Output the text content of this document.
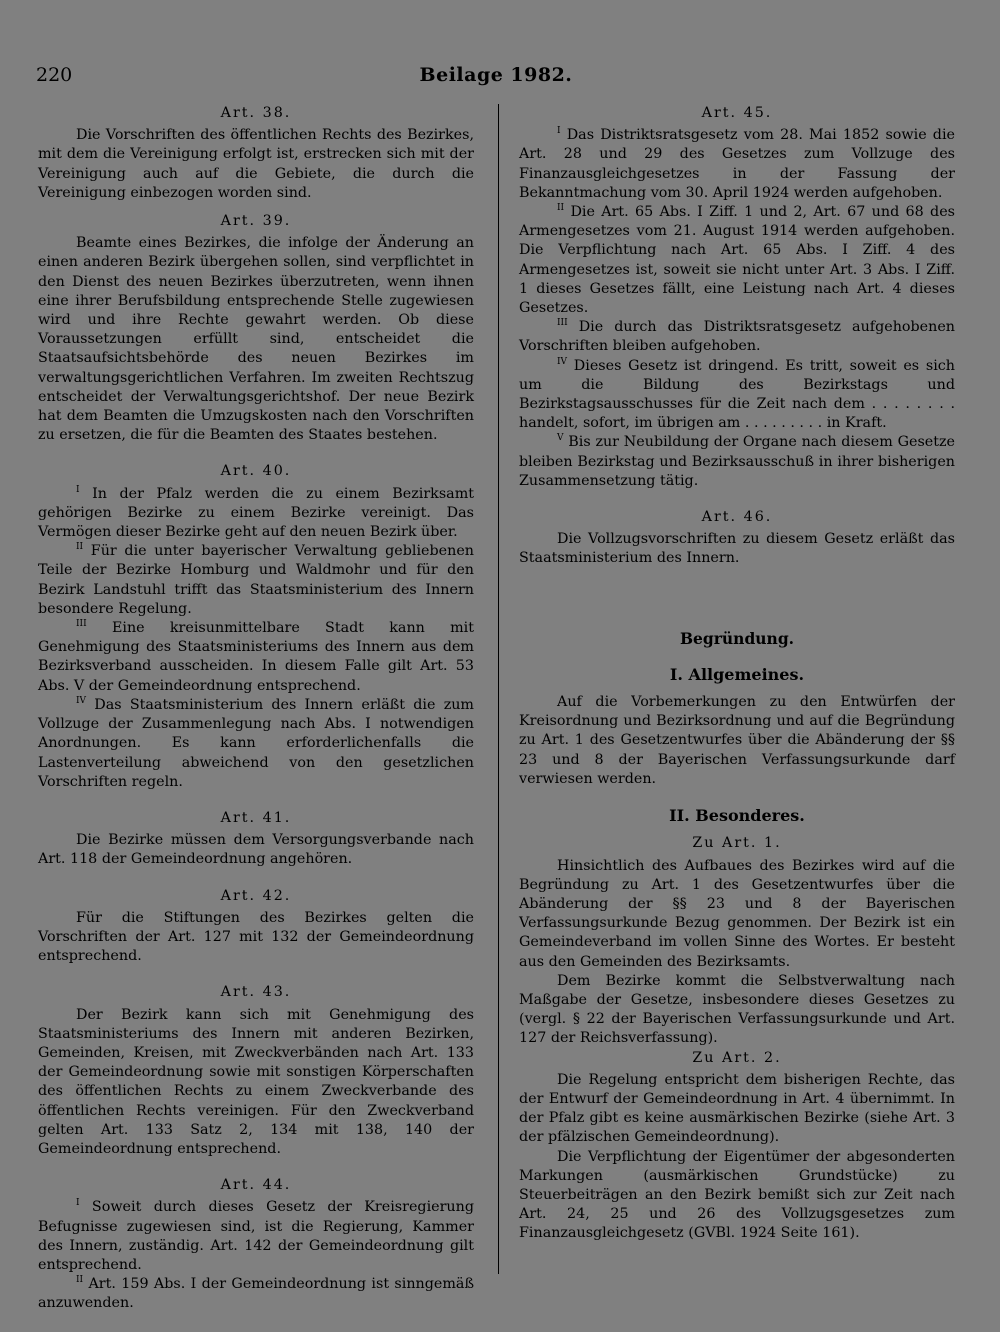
220	Beilage 1982.
Art. 38.

Die Vorschriften des öffentlichen Rechts des Bezirkes, mit dem die Vereinigung erfolgt ist, erstrecken sich mit der Vereinigung auch auf die Gebiete, die durch die Vereinigung einbezogen worden sind.

Art. 39.

Beamte eines Bezirkes, die infolge der Änderung an einen anderen Bezirk übergehen sollen, sind verpflichtet in den Dienst des neuen Bezirkes überzutreten, wenn ihnen eine ihrer Berufsbildung entsprechende Stelle zugewiesen wird und ihre Rechte gewahrt werden. Ob diese Voraussetzungen erfüllt sind, entscheidet die Staatsaufsichtsbehörde des neuen Bezirkes im verwaltungsgerichtlichen Verfahren. Im zweiten Rechtszug entscheidet der Verwaltungsgerichtshof. Der neue Bezirk hat dem Beamten die Umzugskosten nach den Vorschriften zu ersetzen, die für die Beamten des Staates bestehen.

Art. 40.

$^I$ In der Pfalz werden die zu einem Bezirksamt gehörigen Bezirke zu einem Bezirke vereinigt. Das Vermögen dieser Bezirke geht auf den neuen Bezirk über.

$^{II}$ Für die unter bayerischer Verwaltung gebliebenen Teile der Bezirke Homburg und Waldmohr und für den Bezirk Landstuhl trifft das Staatsministerium des Innern besondere Regelung.

$^{III}$ Eine kreisunmittelbare Stadt kann mit Genehmigung des Staatsministeriums des Innern aus dem Bezirksverband ausscheiden. In diesem Falle gilt Art. 53 Abs. V der Gemeindeordnung entsprechend.

$^{IV}$ Das Staatsministerium des Innern erläßt die zum Vollzuge der Zusammenlegung nach Abs. I notwendigen Anordnungen. Es kann erforderlichenfalls die Lastenverteilung abweichend von den gesetzlichen Vorschriften regeln.

Art. 41.

Die Bezirke müssen dem Versorgungsverbande nach Art. 118 der Gemeindeordnung angehören.

Art. 42.

Für die Stiftungen des Bezirkes gelten die Vorschriften der Art. 127 mit 132 der Gemeindeordnung entsprechend.

Art. 43.

Der Bezirk kann sich mit Genehmigung des Staatsministeriums des Innern mit anderen Bezirken, Gemeinden, Kreisen, mit Zweckverbänden nach Art. 133 der Gemeindeordnung sowie mit sonstigen Körperschaften des öffentlichen Rechts zu einem Zweckverbande des öffentlichen Rechts vereinigen. Für den Zweckverband gelten Art. 133 Satz 2, 134 mit 138, 140 der Gemeindeordnung entsprechend.

Art. 44.

$^I$ Soweit durch dieses Gesetz der Kreisregierung Befugnisse zugewiesen sind, ist die Regierung, Kammer des Innern, zuständig. Art. 142 der Gemeindeordnung gilt entsprechend.

$^{II}$ Art. 159 Abs. I der Gemeindeordnung ist sinngemäß anzuwenden.

Art. 45.

$^I$ Das Distriktsratsgesetz vom 28. Mai 1852 sowie die Art. 28 und 29 des Gesetzes zum Vollzuge des Finanzausgleichgesetzes in der Fassung der Bekanntmachung vom 30. April 1924 werden aufgehoben.

$^{II}$ Die Art. 65 Abs. I Ziff. 1 und 2, Art. 67 und 68 des Armengesetzes vom 21. August 1914 werden aufgehoben. Die Verpflichtung nach Art. 65 Abs. I Ziff. 4 des Armengesetzes ist, soweit sie nicht unter Art. 3 Abs. I Ziff. 1 dieses Gesetzes fällt, eine Leistung nach Art. 4 dieses Gesetzes.

$^{III}$ Die durch das Distriktsratsgesetz aufgehobenen Vorschriften bleiben aufgehoben.

$^{IV}$ Dieses Gesetz ist dringend. Es tritt, soweit es sich um die Bildung des Bezirkstags und Bezirkstagsausschusses für die Zeit nach dem . . . . . . . . handelt, sofort, im übrigen am . . . . . . . . . in Kraft.

$^V$ Bis zur Neubildung der Organe nach diesem Gesetze bleiben Bezirkstag und Bezirksausschuß in ihrer bisherigen Zusammensetzung tätig.

Art. 46.

Die Vollzugsvorschriften zu diesem Gesetz erläßt das Staatsministerium des Innern.

Begründung.
I. Allgemeines.

Auf die Vorbemerkungen zu den Entwürfen der Kreisordnung und Bezirksordnung und auf die Begründung zu Art. 1 des Gesetzentwurfes über die Abänderung der §§ 23 und 8 der Bayerischen Verfassungsurkunde darf verwiesen werden.

II. Besonderes.
Zu Art. 1.

Hinsichtlich des Aufbaues des Bezirkes wird auf die Begründung zu Art. 1 des Gesetzentwurfes über die Abänderung der §§ 23 und 8 der Bayerischen Verfassungsurkunde Bezug genommen. Der Bezirk ist ein Gemeindeverband im vollen Sinne des Wortes. Er besteht aus den Gemeinden des Bezirksamts.

Dem Bezirke kommt die Selbstverwaltung nach Maßgabe der Gesetze, insbesondere dieses Gesetzes zu (vergl. § 22 der Bayerischen Verfassungsurkunde und Art. 127 der Reichsverfassung).

Zu Art. 2.

Die Regelung entspricht dem bisherigen Rechte, das der Entwurf der Gemeindeordnung in Art. 4 übernimmt. In der Pfalz gibt es keine ausmärkischen Bezirke (siehe Art. 3 der pfälzischen Gemeindeordnung).

Die Verpflichtung der Eigentümer der abgesonderten Markungen (ausmärkischen Grundstücke) zu Steuerbeiträgen an den Bezirk bemißt sich zur Zeit nach Art. 24, 25 und 26 des Vollzugsgesetzes zum Finanzausgleichgesetz (GVBl. 1924 Seite 161).
